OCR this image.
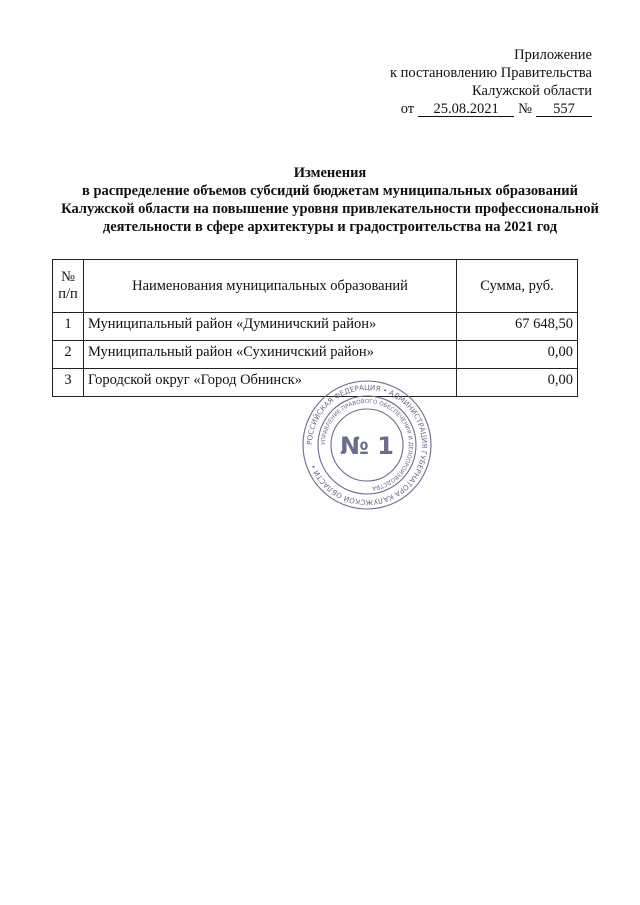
Приложение
к постановлению Правительства
Калужской области
от	25.08.2021	№	557
Изменения
в распределение объемов субсидий бюджетам муниципальных образований
Калужской области на повышение уровня привлекательности профессиональной
деятельности в сфере архитектуры и градостроительства на 2021 год
№
п/п	Наименования муниципальных образований	Сумма, руб.
1	Муниципальный район «Думиничский район»	67 648,50
2	Муниципальный район «Сухиничский район»	0,00
3	Городской округ «Город Обнинск»	0,00
РОССИЙСКАЯ ФЕДЕРАЦИЯ • АДМИНИСТРАЦИЯ ГУБЕРНАТОРА КАЛУЖСКОЙ ОБЛАСТИ •
УПРАВЛЕНИЕ ПРАВОВОГО ОБЕСПЕЧЕНИЯ И ДЕЛОПРОИЗВОДСТВА
№ 1
